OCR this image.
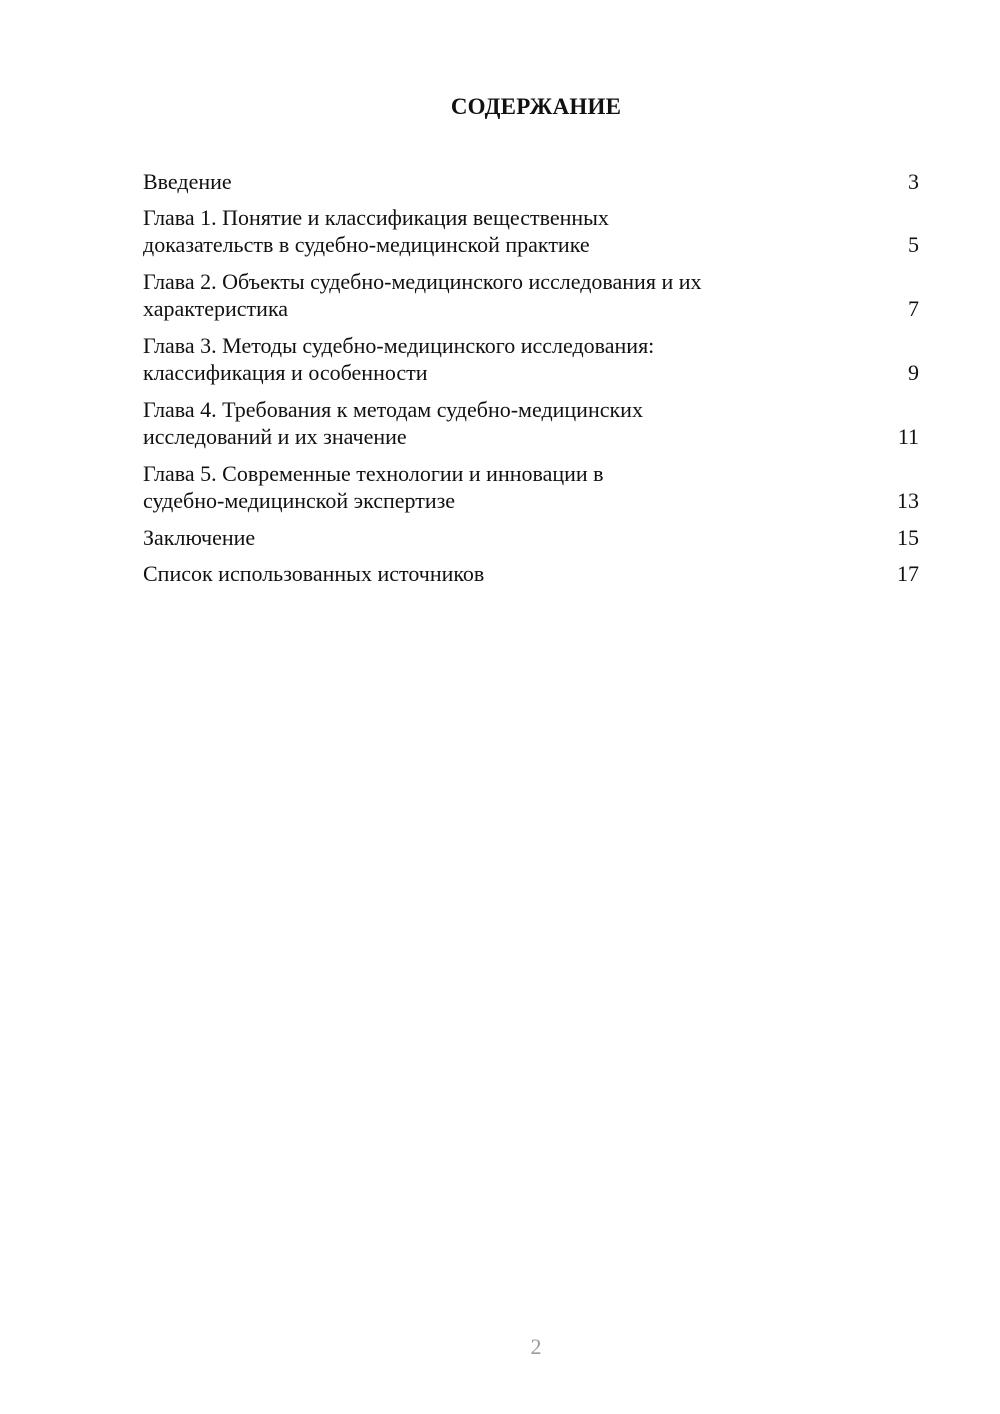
СОДЕРЖАНИЕ
Введение	3
Глава 1. Понятие и классификация вещественных
доказательств в судебно-медицинской практике	5
Глава 2. Объекты судебно-медицинского исследования и их
характеристика	7
Глава 3. Методы судебно-медицинского исследования:
классификация и особенности	9
Глава 4. Требования к методам судебно-медицинских
исследований и их значение	11
Глава 5. Современные технологии и инновации в
судебно-медицинской экспертизе	13
Заключение	15
Список использованных источников	17
2
